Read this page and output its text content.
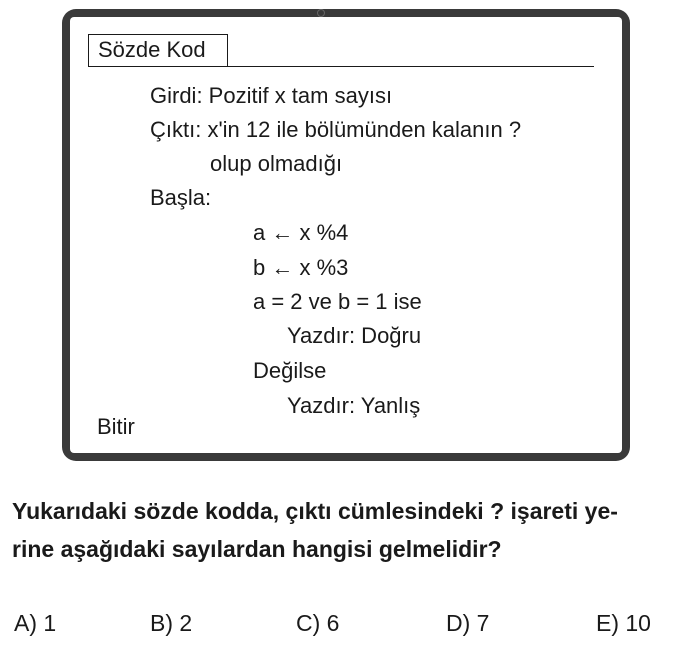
Sözde Kod
Girdi: Pozitif x tam sayısı
Çıktı: x'in 12 ile bölümünden kalanın ?
olup olmadığı
Başla:
a ← x %4
b ← x %3
a = 2 ve b = 1 ise
Yazdır: Doğru
Değilse
Yazdır: Yanlış
Bitir
Yukarıdaki sözde kodda, çıktı cümlesindeki ? işareti ye-
rine aşağıdaki sayılardan hangisi gelmelidir?
A) 1	B) 2	C) 6	D) 7	E) 10
